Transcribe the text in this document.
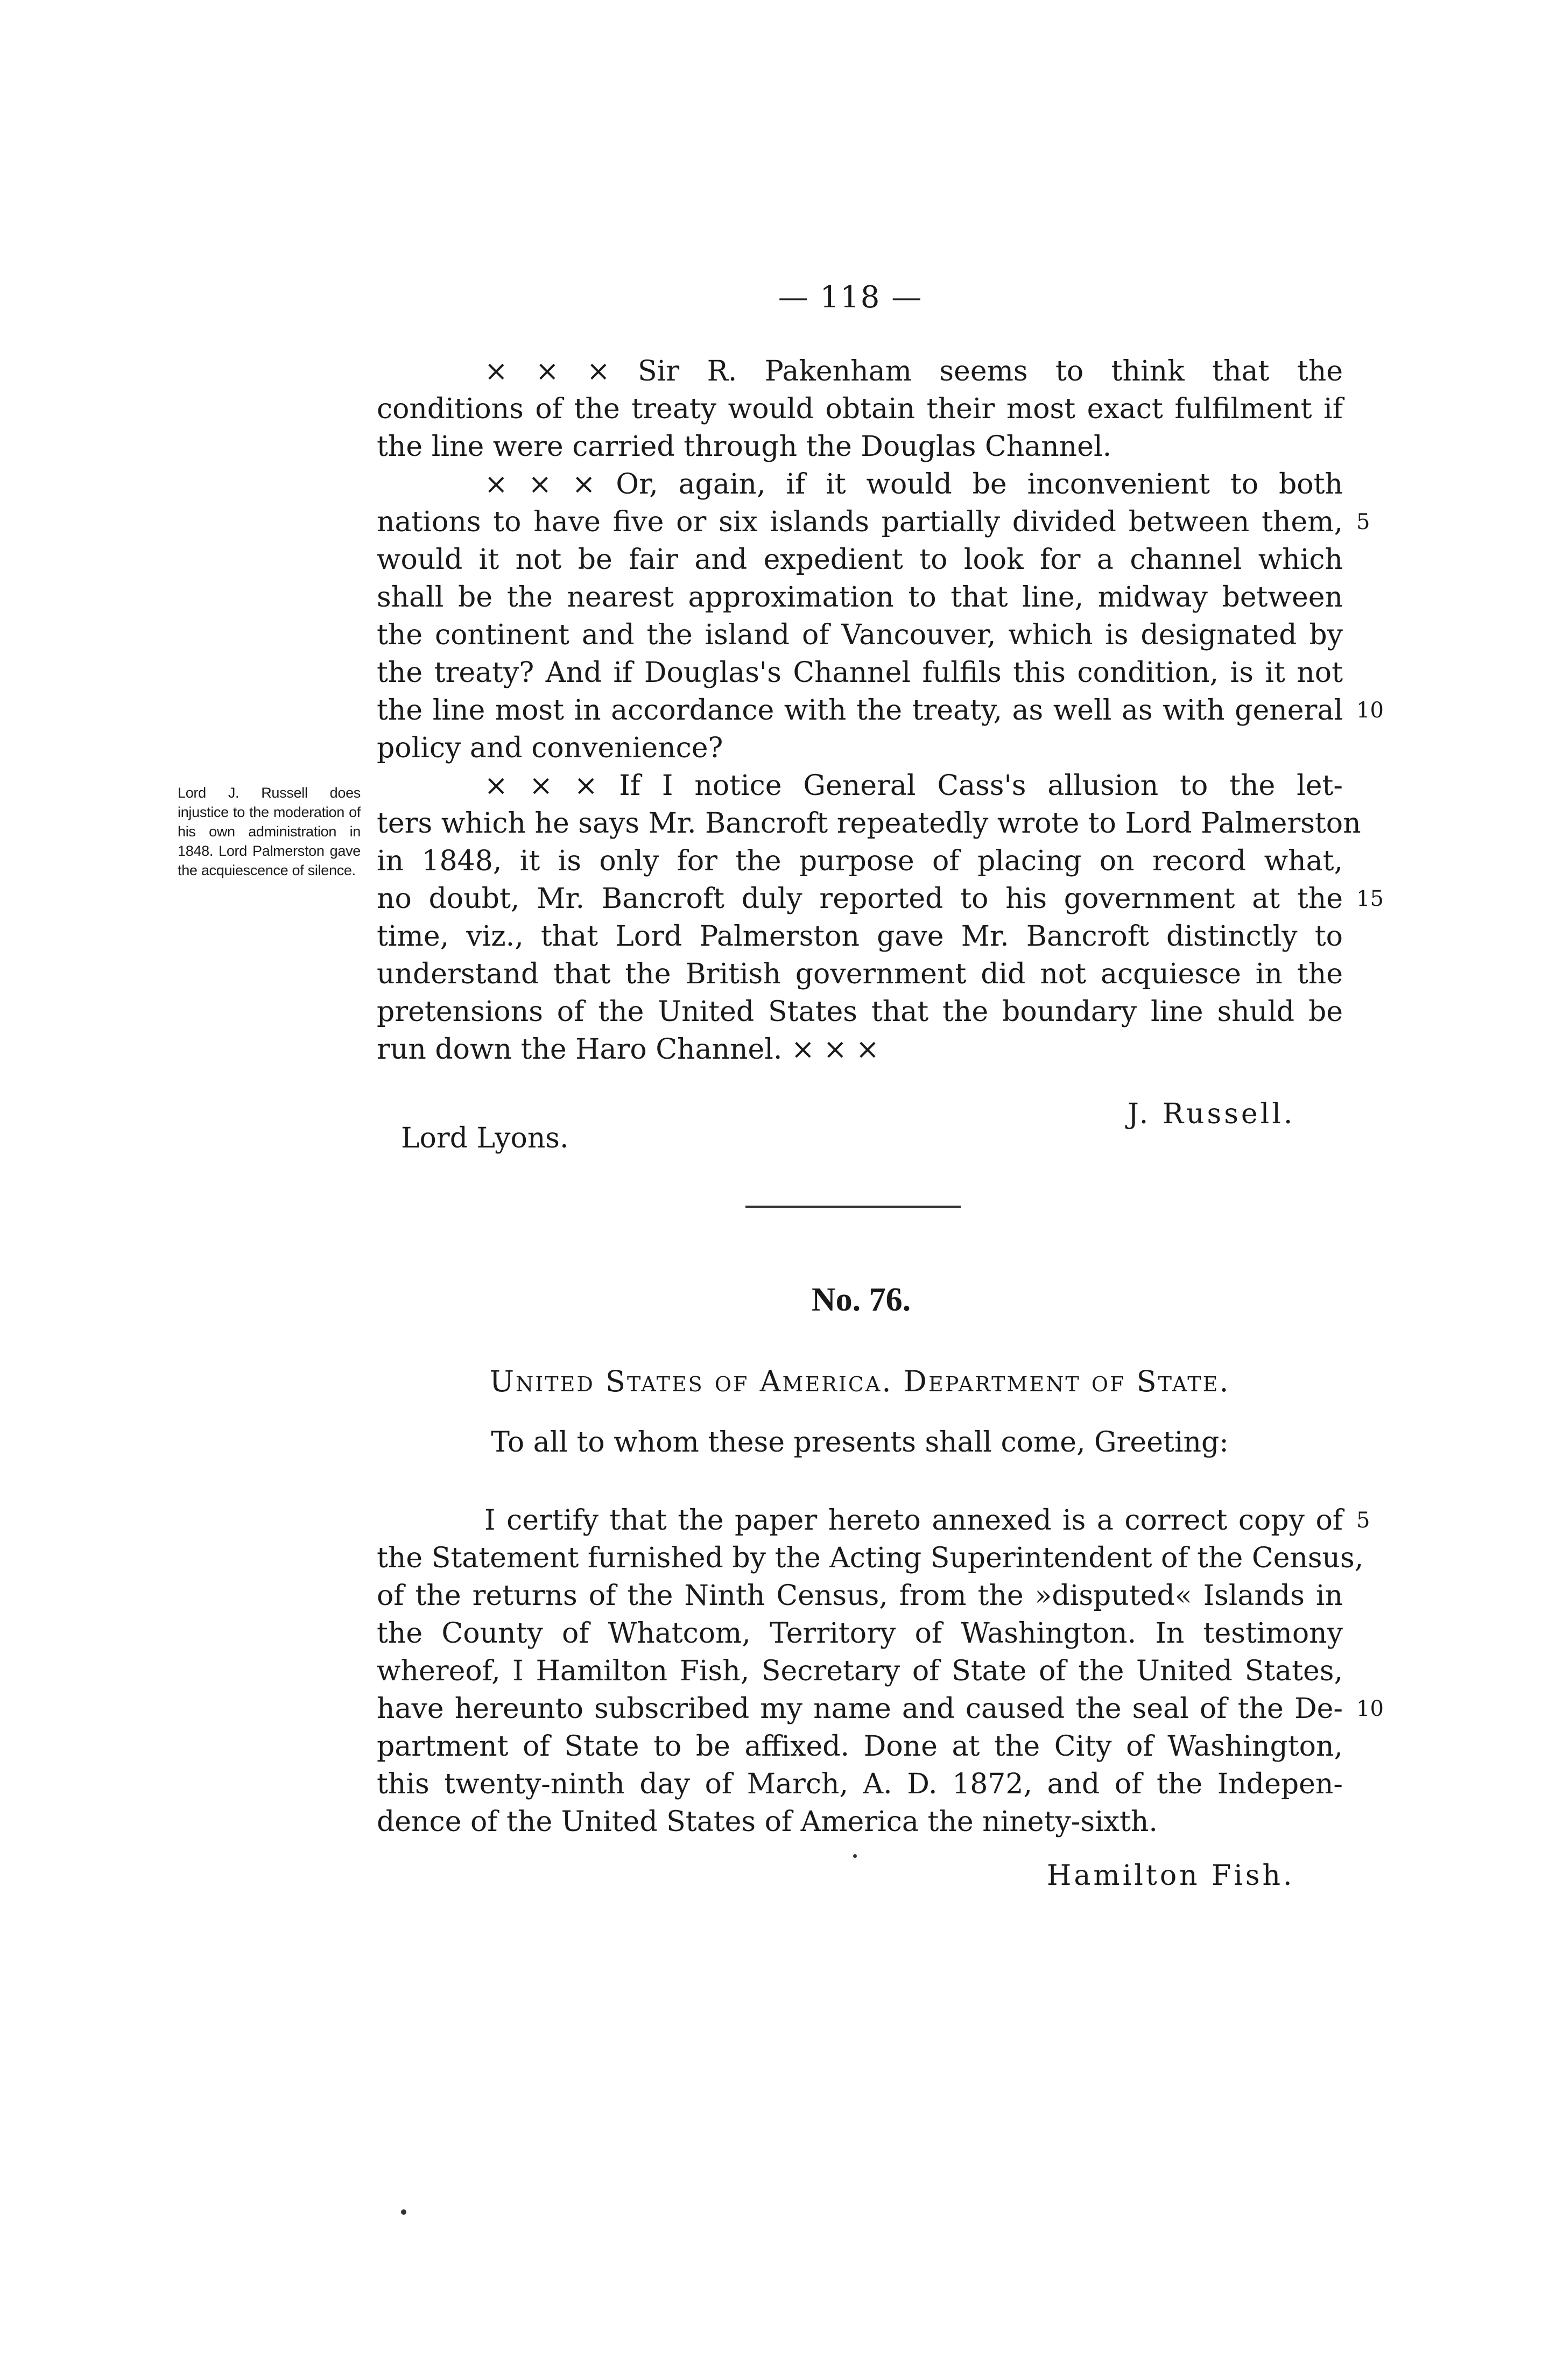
— 118 —
× × × Sir R. Pakenham seems to think that the
conditions of the treaty would obtain their most exact fulfilment if
the line were carried through the Douglas Channel.
× × × Or, again, if it would be inconvenient to both
nations to have five or six islands partially divided between them,
would it not be fair and expedient to look for a channel which
shall be the nearest approximation to that line, midway between
the continent and the island of Vancouver, which is designated by
the treaty? And if Douglas's Channel fulfils this condition, is it not
the line most in accordance with the treaty, as well as with general
policy and convenience?
× × × If I notice General Cass's allusion to the let-
ters which he says Mr. Bancroft repeatedly wrote to Lord Palmerston
in 1848, it is only for the purpose of placing on record what,
no doubt, Mr. Bancroft duly reported to his government at the
time, viz., that Lord Palmerston gave Mr. Bancroft distinctly to
understand that the British government did not acquiesce in the
pretensions of the United States that the boundary line shuld be
run down the Haro Channel. × × ×
5
10
15
Lord J. Russell does injustice to the moderation of his own administration in 1848. Lord Palmerston gave the acquiescence of silence.
J. Russell.
Lord Lyons.
No. 76.
United States of America. Department of State.
To all to whom these presents shall come, Greeting:
I certify that the paper hereto annexed is a correct copy of
the Statement furnished by the Acting Superintendent of the Census,
of the returns of the Ninth Census, from the »disputed« Islands in
the County of Whatcom, Territory of Washington. In testimony
whereof, I Hamilton Fish, Secretary of State of the United States,
have hereunto subscribed my name and caused the seal of the De-
partment of State to be affixed. Done at the City of Washington,
this twenty-ninth day of March, A. D. 1872, and of the Indepen-
dence of the United States of America the ninety-sixth.
5
10
Hamilton Fish.
